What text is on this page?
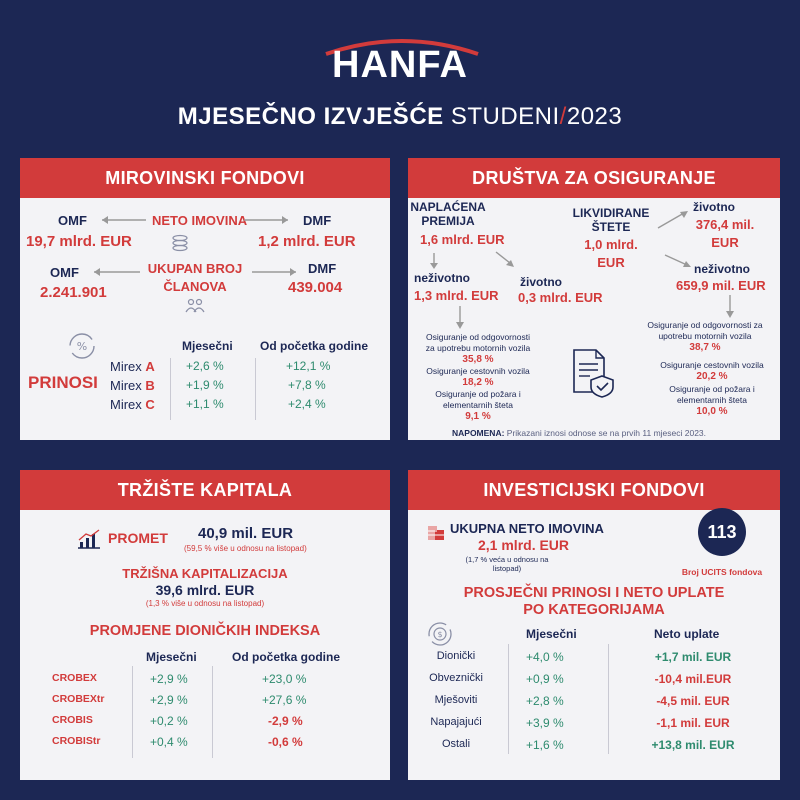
HANFA
MJESEČNO IZVJEŠĆE STUDENI/2023
MIROVINSKI FONDOVI
OMF	NETO IMOVINA	DMF
19,7 mlrd. EUR	1,2 mlrd. EUR
OMF	UKUPAN BROJ
ČLANOVA
DMF
2.241.901	439.004
%	Mjesečni Od početka godine
PRINOSI
Mirex A	+2,6 %	+12,1 %
Mirex B	+1,9 %	+7,8 %
Mirex C	+1,1 %	+2,4 %
DRUŠTVA ZA OSIGURANJE
NAPLAĆENA
PREMIJA
1,6 mlrd. EUR
LIKVIDIRANE
ŠTETE
1,0 mlrd.
EUR
životno
376,4 mil.
EUR
neživotno
659,9 mil. EUR
neživotno
1,3 mlrd. EUR
životno
0,3 mlrd. EUR
Osiguranje od odgovornosti
za upotrebu motornih vozila
35,8 %
Osiguranje cestovnih vozila
18,2 %
Osiguranje od požara i
elementarnih šteta
9,1 %
Osiguranje od odgovornosti za
upotrebu motornih vozila
38,7 %
Osiguranje cestovnih vozila
20,2 %
Osiguranje od požara i
elementarnih šteta
10,0 %
NAPOMENA: Prikazani iznosi odnose se na prvih 11 mjeseci 2023.
TRŽIŠTE KAPITALA
PROMET 40,9 mil. EUR
(59,5 % više u odnosu na listopad)
TRŽIŠNA KAPITALIZACIJA
39,6 mlrd. EUR
(1,3 % više u odnosu na listopad)
PROMJENE DIONIČKIH INDEKSA
Mjesečni	Od početka godine
CROBEX	+2,9 %	+23,0 %
CROBEXtr	+2,9 %	+27,6 %
CROBIS	+0,2 %	-2,9 %
CROBIStr	+0,4 %	-0,6 %
INVESTICIJSKI FONDOVI
UKUPNA NETO IMOVINA
2,1 mlrd. EUR
(1,7 % veća u odnosu na
listopad)
113
Broj UCITS fondova
PROSJEČNI PRINOSI I NETO UPLATE
PO KATEGORIJAMA
$	Mjesečni	Neto uplate
Dionički	+4,0 %	+1,7 mil. EUR
Obveznički	+0,9 %	-10,4 mil.EUR
Mješoviti	+2,8 %	-4,5 mil. EUR
Napajajući	+3,9 %	-1,1 mil. EUR
Ostali	+1,6 %	+13,8 mil. EUR
